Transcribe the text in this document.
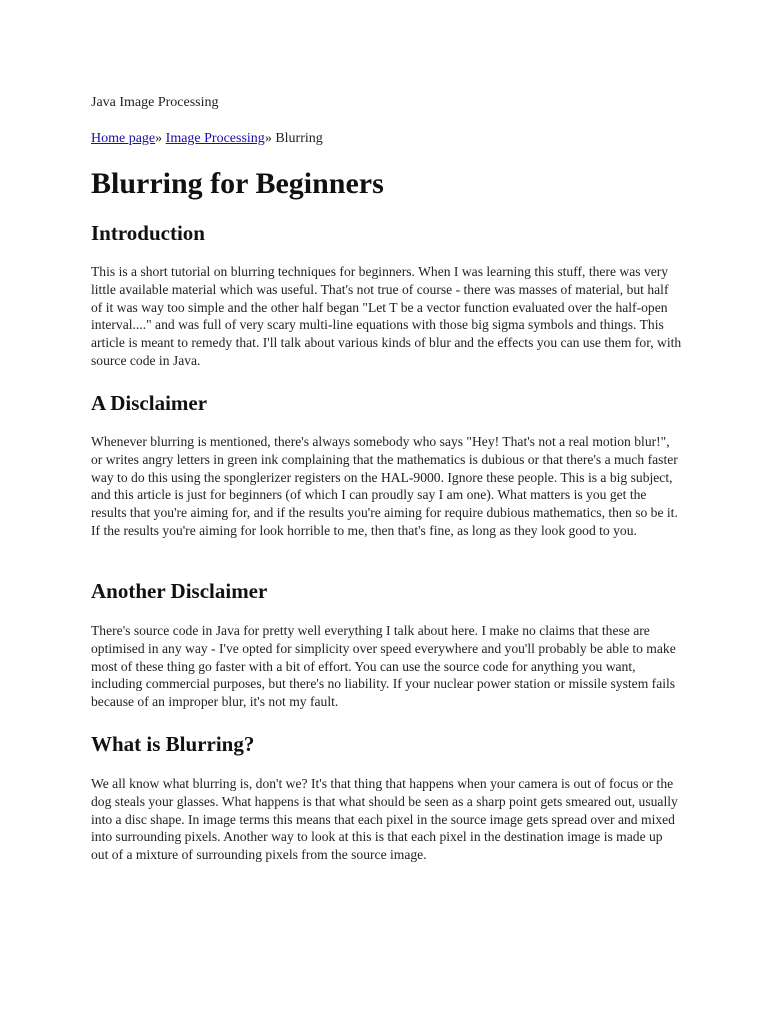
Java Image Processing
Home page» Image Processing» Blurring
Blurring for Beginners
Introduction

This is a short tutorial on blurring techniques for beginners. When I was learning this stuff, there was very little available material which was useful. That's not true of course - there was masses of material, but half of it was way too simple and the other half began "Let T be a vector function evaluated over the half-open interval...." and was full of very scary multi-line equations with those big sigma symbols and things. This article is meant to remedy that. I'll talk about various kinds of blur and the effects you can use them for, with source code in Java.

A Disclaimer

Whenever blurring is mentioned, there's always somebody who says "Hey! That's not a real motion blur!", or writes angry letters in green ink complaining that the mathematics is dubious or that there's a much faster way to do this using the sponglerizer registers on the HAL-9000. Ignore these people. This is a big subject, and this article is just for beginners (of which I can proudly say I am one). What matters is you get the results that you're aiming for, and if the results you're aiming for require dubious mathematics, then so be it. If the results you're aiming for look horrible to me, then that's fine, as long as they look good to you.

Another Disclaimer

There's source code in Java for pretty well everything I talk about here. I make no claims that these are optimised in any way - I've opted for simplicity over speed everywhere and you'll probably be able to make most of these thing go faster with a bit of effort. You can use the source code for anything you want, including commercial purposes, but there's no liability. If your nuclear power station or missile system fails because of an improper blur, it's not my fault.

What is Blurring?

We all know what blurring is, don't we? It's that thing that happens when your camera is out of focus or the dog steals your glasses. What happens is that what should be seen as a sharp point gets smeared out, usually into a disc shape. In image terms this means that each pixel in the source image gets spread over and mixed into surrounding pixels. Another way to look at this is that each pixel in the destination image is made up out of a mixture of surrounding pixels from the source image.
